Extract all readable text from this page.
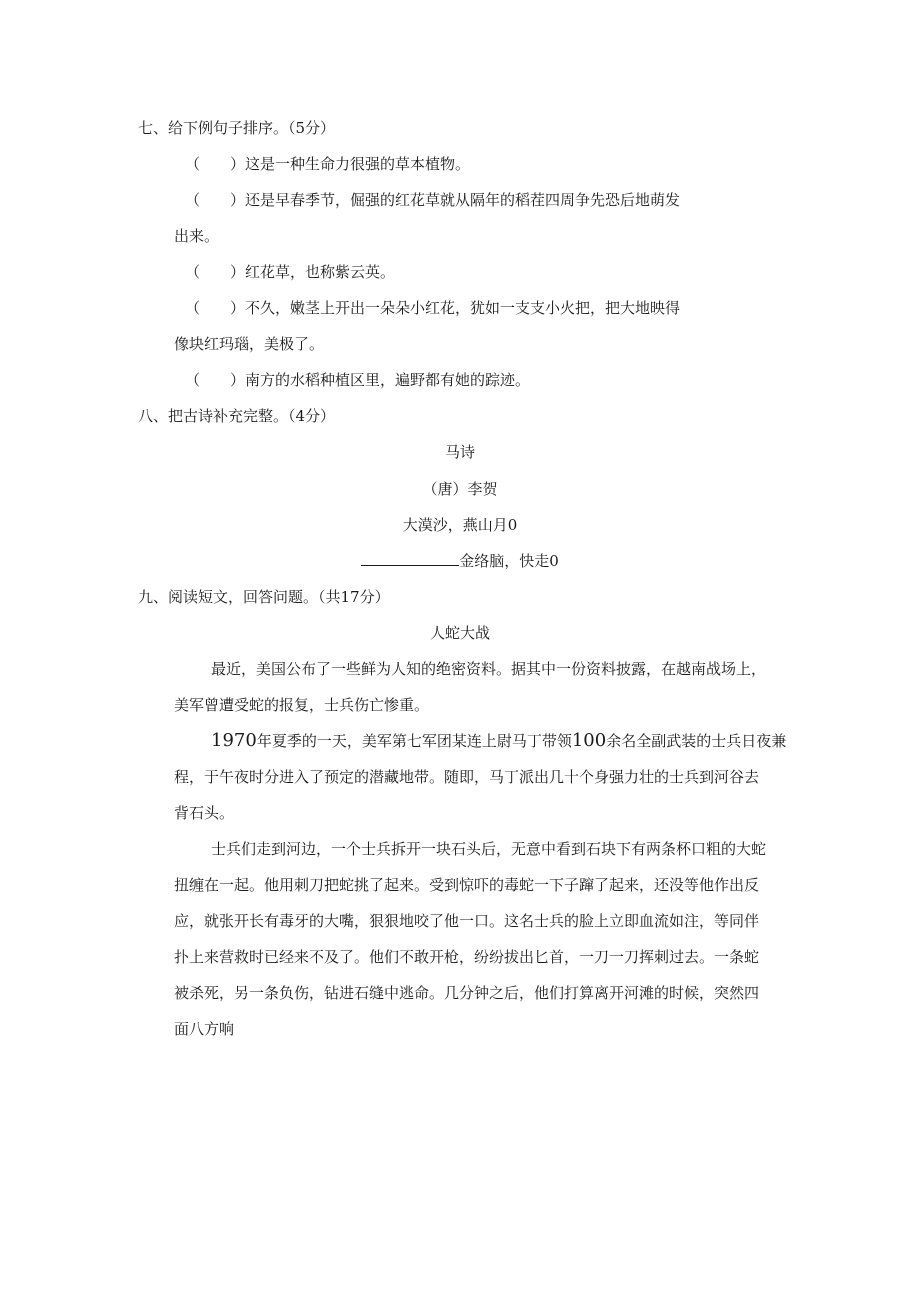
七、给下例句子排序。（5分）
（　　）这是一种生命力很强的草本植物。
（　　）还是早春季节，倔强的红花草就从隔年的稻茬四周争先恐后地萌发
出来。
（　　）红花草，也称紫云英。
（　　）不久，嫩茎上开出一朵朵小红花，犹如一支支小火把，把大地映得
像块红玛瑙，美极了。
（　　）南方的水稻种植区里，遍野都有她的踪迹。
八、把古诗补充完整。（4分）
马诗
（唐）李贺
大漠沙，燕山月0
金络脑，快走0
九、阅读短文，回答问题。（共17分）
人蛇大战
最近，美国公布了一些鲜为人知的绝密资料。据其中一份资料披露，在越南战场上，
美军曾遭受蛇的报复，士兵伤亡惨重。
1970年夏季的一天，美军第七军团某连上尉马丁带领100余名全副武装的士兵日夜兼
程，于午夜时分进入了预定的潜藏地带。随即，马丁派出几十个身强力壮的士兵到河谷去
背石头。
士兵们走到河边，一个士兵拆开一块石头后，无意中看到石块下有两条杯口粗的大蛇
扭缠在一起。他用刺刀把蛇挑了起来。受到惊吓的毒蛇一下子蹿了起来，还没等他作出反
应，就张开长有毒牙的大嘴，狠狠地咬了他一口。这名士兵的脸上立即血流如注，等同伴
扑上来营救时已经来不及了。他们不敢开枪，纷纷拔出匕首，一刀一刀挥刺过去。一条蛇
被杀死，另一条负伤，钻进石缝中逃命。几分钟之后，他们打算离开河滩的时候，突然四
面八方响
